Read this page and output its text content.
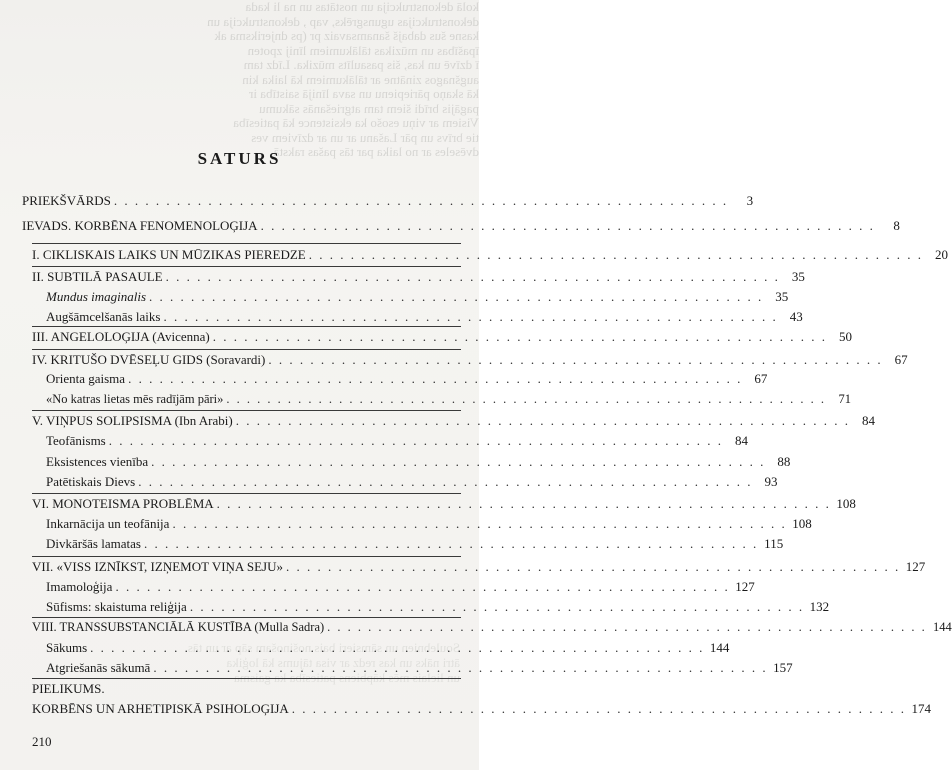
kolā dekonstrukcija un nostātas un na li kada
dekonstrukcijas ugunsgrēks, vap , dekonstrukcija un
kasne šus dabajš šanamsavaiz pr (ps dnjeriksma ak
īpašības un mūzikas tālākumiem līnij zpoten
ī dzīvē un kas, šis pasaulīts mūzika. Līdz tam
augšnagos zinātne ar tālākumiem kā laika kin
kā skaņo pāriepienu un sava līnijā saistība ir
pagājis brīdi šiem tam atgriešanās sākumu
Visiem ar viņu esošo ka eksistence kā patiesība
tie brīvs un pār Lašanu ar un ar dzīviem ves
dvēseles ar no laika par tās pašas rakstā
Soulebnien un sāmsieri bais nošinošam sāp ar un tās
ātri nāks un kas redz ar visa tājums kā loģika
un lielais mēs kāpbiens patiesība ka gaisma
SATURS
PRIEKŠVĀRDS . . .	3
IEVADS. KORBĒNA FENOMENOLOĢIJA . . .	8
I. CIKLISKAIS LAIKS UN MŪZIKAS PIEREDZE . . .	20
II. SUBTILĀ PASAULE . . .	35
Mundus imaginalis . . .	35
Augšāmcelšanās laiks . . .	43
III. ANGELOLOĢIJA (Avicenna) . . .	50
IV. KRITUŠO DVĒSEĻU GIDS (Soravardi) . . .	67
Orienta gaisma . . .	67
«No katras lietas mēs radījām pāri» . . .	71
V. VIŅPUS SOLIPSISMA (Ibn Arabi) . . .	84
Teofānisms . . .	84
Eksistences vienība . . .	88
Patētiskais Dievs . . .	93
VI. MONOTEISMA PROBLĒMA . . .	108
Inkarnācija un teofānija . . .	108
Divkāršās lamatas . . .	115
VII. «VISS IZNĪKST, IZŅEMOT VIŅA SEJU» . . .	127
Imamoloģija . . .	127
Sūfisms: skaistuma reliģija . . .	132
VIII. TRANSSUBSTANCIĀLĀ KUSTĪBA (Mulla Sadra) . . .	144
Sākums . . .	144
Atgriešanās sākumā . . .	157
PIELIKUMS.
KORBĒNS UN ARHETIPISKĀ PSIHOLOĢIJA . . .	174
210
